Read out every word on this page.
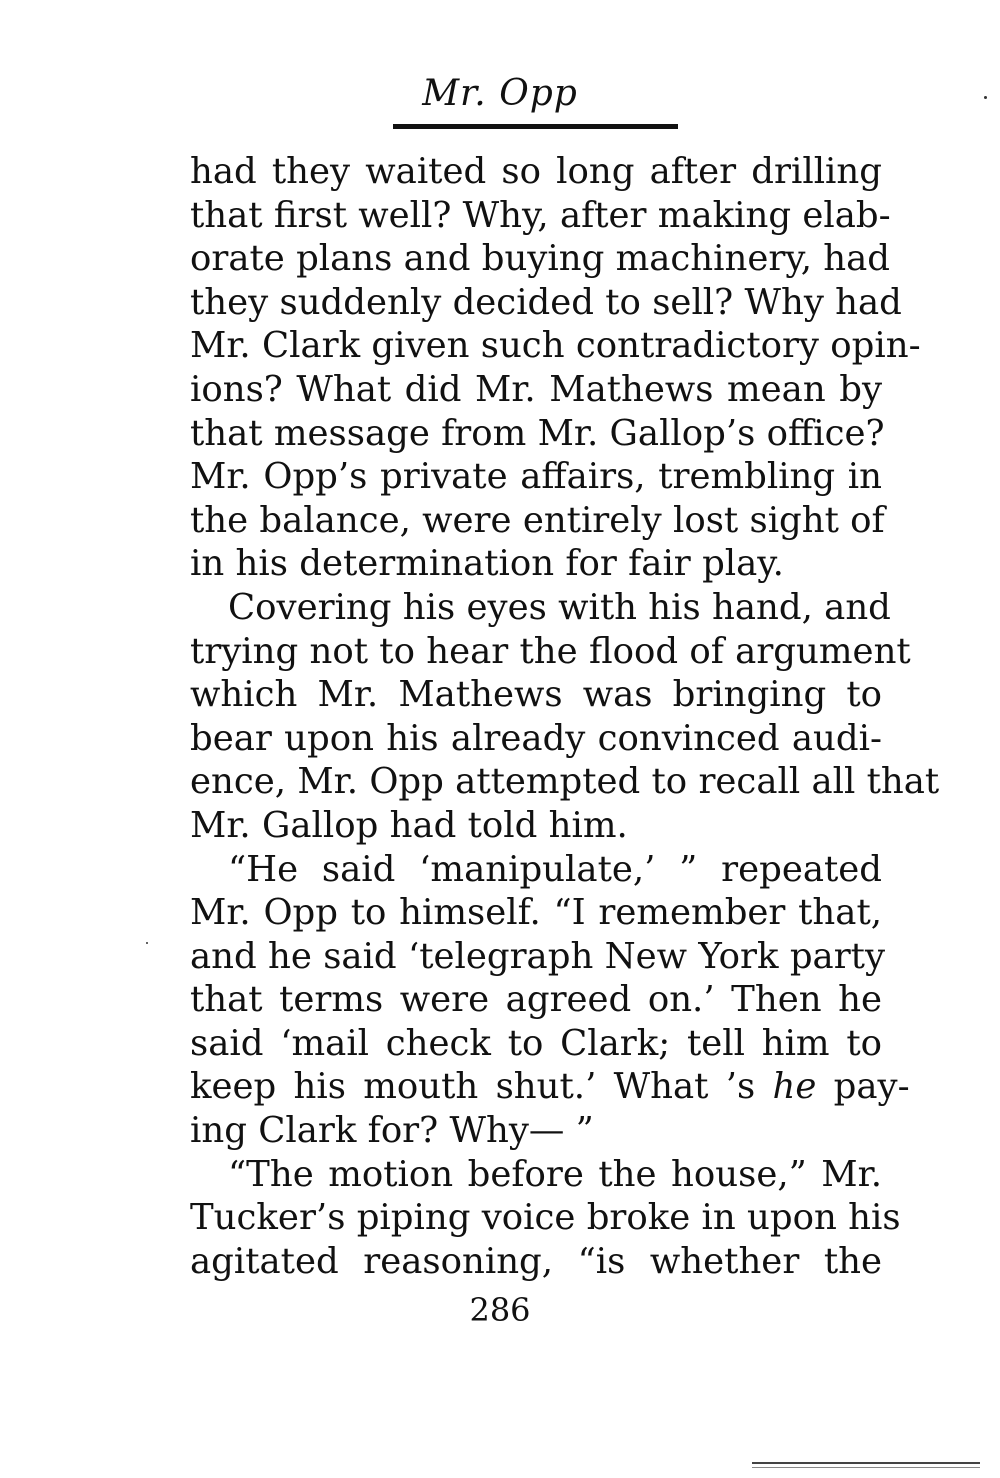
Mr. Opp
had they waited so long after drilling
that first well? Why, after making elab-
orate plans and buying machinery, had
they suddenly decided to sell? Why had
Mr. Clark given such contradictory opin-
ions? What did Mr. Mathews mean by
that message from Mr. Gallop’s office?
Mr. Opp’s private affairs, trembling in
the balance, were entirely lost sight of
in his determination for fair play.
Covering his eyes with his hand, and
trying not to hear the flood of argument
which Mr. Mathews was bringing to
bear upon his already convinced audi-
ence, Mr. Opp attempted to recall all that
Mr. Gallop had told him.
“He said ‘manipulate,’ ” repeated
Mr. Opp to himself. “I remember that,
and he said ‘telegraph New York party
that terms were agreed on.’ Then he
said ‘mail check to Clark; tell him to
keep his mouth shut.’ What ’s he pay-
ing Clark for? Why— ”
“The motion before the house,” Mr.
Tucker’s piping voice broke in upon his
agitated reasoning, “is whether the
286
